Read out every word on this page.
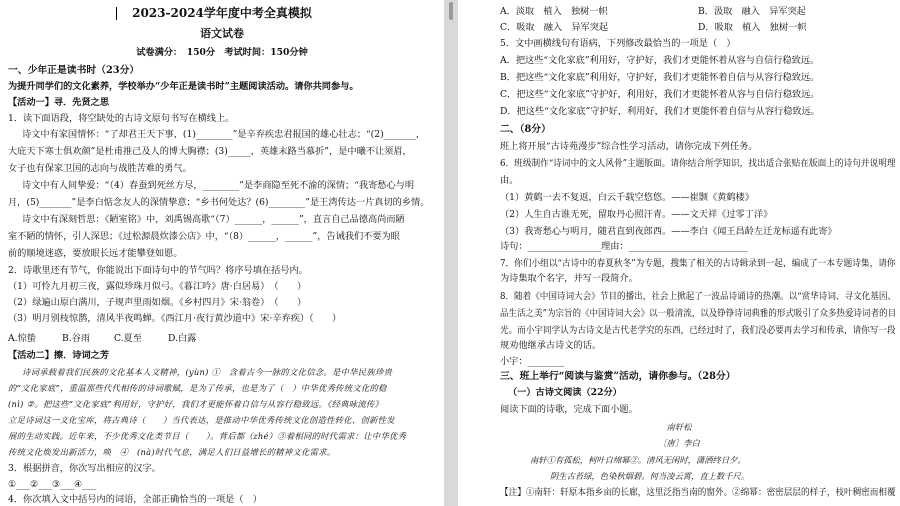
2023-2024学年度中考全真模拟
语文试卷
试卷满分：　150分　考试时间：150分钟
一、少年正是读书时（23分）
为提升同学们的文化素养，学校举办“少年正是读书时”主题阅读活动。请你共同参与。
【活动一】寻．先贤之思
1．读下面语段，将空缺处的古诗文原句书写在横线上。
诗文中有家国情怀：“了却君王天下事，(1)________”是辛弃疾忠君报国的雄心壮志；“(2)_______，
大庇天下寒士俱欢颜”是杜甫推己及人的博大胸襟；(3)_____，英雄末路当慕折”，是中曦不让须眉，
女子也有保家卫国的志向与战胜苦难的勇气。
诗文中有人间挚爱：“（4）春蚕到死丝方尽，________”是李商隐至死不渝的深情；“我寄愁心与明
月，(5)_______”是李白惦念友人的深情挚意；“乡书何处达？(6)________”是王湾传达一片真切的乡情。
诗文中有深刻哲思：《陋室铭》中，刘禹锡高歌“（7）______，______”，直言自己品德高尚而陋
室不陋的情怀，引人深思；《过松源晨炊漆公店》中，“（8）______，______”，告诫我们不要为眼
前的顺境迷惑，要放眼长远才能攀登如愿。
2．诗歌里还有节气，你能说出下面诗句中的节气吗？将序号填在括号内。
（1）可怜九月初三夜，露似珍珠月似弓。《暮江吟》唐·白居易）　（　　）
（2）绿遍山原白满川，子规声里雨如烟。《乡村四月》宋·翁卷）　（　　）
（3）明月别枝惊鹊，清风半夜鸣蝉。《西江月·夜行黄沙道中》宋·辛弃疾）（　　）
A.惊蛰	B.谷雨	C.夏至	D.白露
【活动二】擦．诗词之芳
诗词承载着我们民族的文化基本人文精神，(yùn) ①　含着古今一脉的文化信念。是中华民族珍贵
的“文化家底”，重温那些代代相传的诗词歌赋，是为了传承，也是为了（　）中华优秀传统文化的稳
(nì) ②。把这些“文化家底”利用好，守护好，我们才更能怀着自信与从容行稳致远。《经典咏流传》
立足诗词这一文化宝库，将古典诗（　　）当代表达，是推动中华优秀传统文化创造性转化、创新性发
展的生动实践。近年来，不少优秀文化类节目（　　）。背后都（zhé）③着相同的时代需求：让中华优秀
传统文化焕发出新活力，唤　④　(nà)时代气息，满足人们日益增长的精神文化需求。
3．根据拼音，你次写出相应的汉字。
①___②___③___④___
4．你次填入文中括号内的词语，全部正确恰当的一项是（　）
A．淡取　植入　独树一帜	B．汲取　融入　异军突起
C．吸取　融入　异军突起	D．吸取　植入　独树一帜
5．文中画横线句有语病，下列修改最恰当的一项是（　）
A．把这些“文化家底”利用好，守护好，我们才更能怀着从容与自信行稳致远。
B．把这些“文化家底”利用好，守护好，我们才更能怀着自信与从容行稳致远。
C．把这些“文化家底”守护好，利用好，我们才更能怀着从容与自信行稳致远。
D．把这些“文化家底”守护好，利用好，我们才更能怀着自信与从容行稳致远。
二、（8分）
班上将开展“古诗苑漫步”综合性学习活动，请你完成下列任务。
6．班级制作“诗词中的文人风骨”主题版面。请你结合所学知识，找出适合张贴在版面上的诗句并说明理
由。
（1）黄鹤一去不复返，白云千载空悠悠。——崔颢《黄鹤楼》
（2）人生自古谁无死，留取丹心照汗青。——文天祥《过零丁洋》
（3）我寄愁心与明月，随君直到夜郎西。——李白《闻王昌龄左迁龙标遥有此寄》
诗句：________________理由：__________________________
7．你们小组以“古诗中的春夏秋冬”为专题，搜集了相关的古诗辑录到一起，编成了一本专题诗集，请你
为诗集取个名字，并写一段简介。
8．随着《中国诗词大会》节目的播出，社会上掀起了一波品诗诵诗的热潮。以“赏华诗词、寻文化基因、
品生活之美”为宗旨的《中国诗词大会》以一般清流，以及铮铮诗词典雅的形式吸引了众多热爱诗词者的目
光。而小宇同学认为古诗文是古代老学究的东西，已经过时了，我们没必要再去学习和传承，请你写一段
规劝他继承古诗文的话。
小宇：________
三、班上举行“阅读与鉴赏”活动，请你参与。（28分）
（一）古诗文阅读（22分）
阅读下面的诗歌，完成下面小题。
南轩松
〔唐〕李白
南轩①有孤松，柯叶自绵幂②。清风无闲时，潇洒终日夕。
阴生古苔绿，色染秋烟碧。何当凌云霄，直上数千尺。
【注】①南轩：轩原本指乡亩的长廊，这里泛指当南的窗外。②绵幂：密密层层的样子，枝叶稠密而相覆
